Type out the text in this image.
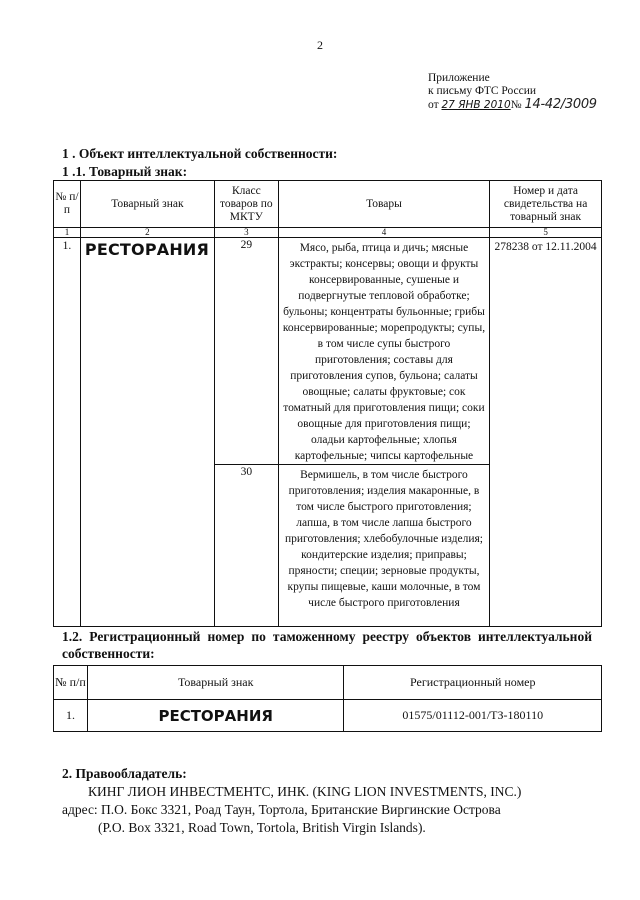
2
Приложение
к письму ФТС России
от 27 ЯНВ 2010№ 14-42/3009
1 . Объект интеллектуальной собственности:
1 .1. Товарный знак:
№ п/п	Товарный знак	Класс товаров по МКТУ	Товары	Номер и дата свидетельства на товарный знак
1	2	3	4	5
1.	РЕСТОРАНИЯ	29	Мясо, рыба, птица и дичь; мясные экстракты; консервы; овощи и фрукты консервированные, сушеные и подвергнутые тепловой обработке; бульоны; концентраты бульонные; грибы консервированные; морепродукты; супы, в том числе супы быстрого приготовления; составы для приготовления супов, бульона; салаты овощные; салаты фруктовые; сок томатный для приготовления пищи; соки овощные для приготовления пищи; оладьи картофельные; хлопья картофельные; чипсы картофельные	278238 от 12.11.2004
		30	Вермишель, в том числе быстрого приготовления; изделия макаронные, в том числе быстрого приготовления; лапша, в том числе лапша быстрого приготовления; хлебобулочные изделия; кондитерские изделия; приправы; пряности; специи; зерновые продукты, крупы пищевые, каши молочные, в том числе быстрого приготовления	
1.2. Регистрационный номер по таможенному реестру объектов интеллектуальной собственности:
№ п/п	Товарный знак	Регистрационный номер
1.	РЕСТОРАНИЯ	01575/01112-001/ТЗ-180110
2. Правообладатель:
КИНГ ЛИОН ИНВЕСТМЕНТС, ИНК. (KING LION INVESTMENTS, INC.)
адрес: П.О. Бокс 3321, Роад Таун, Тортола, Британские Виргинские Острова
(P.O. Box 3321, Road Town, Tortola, British Virgin Islands).
